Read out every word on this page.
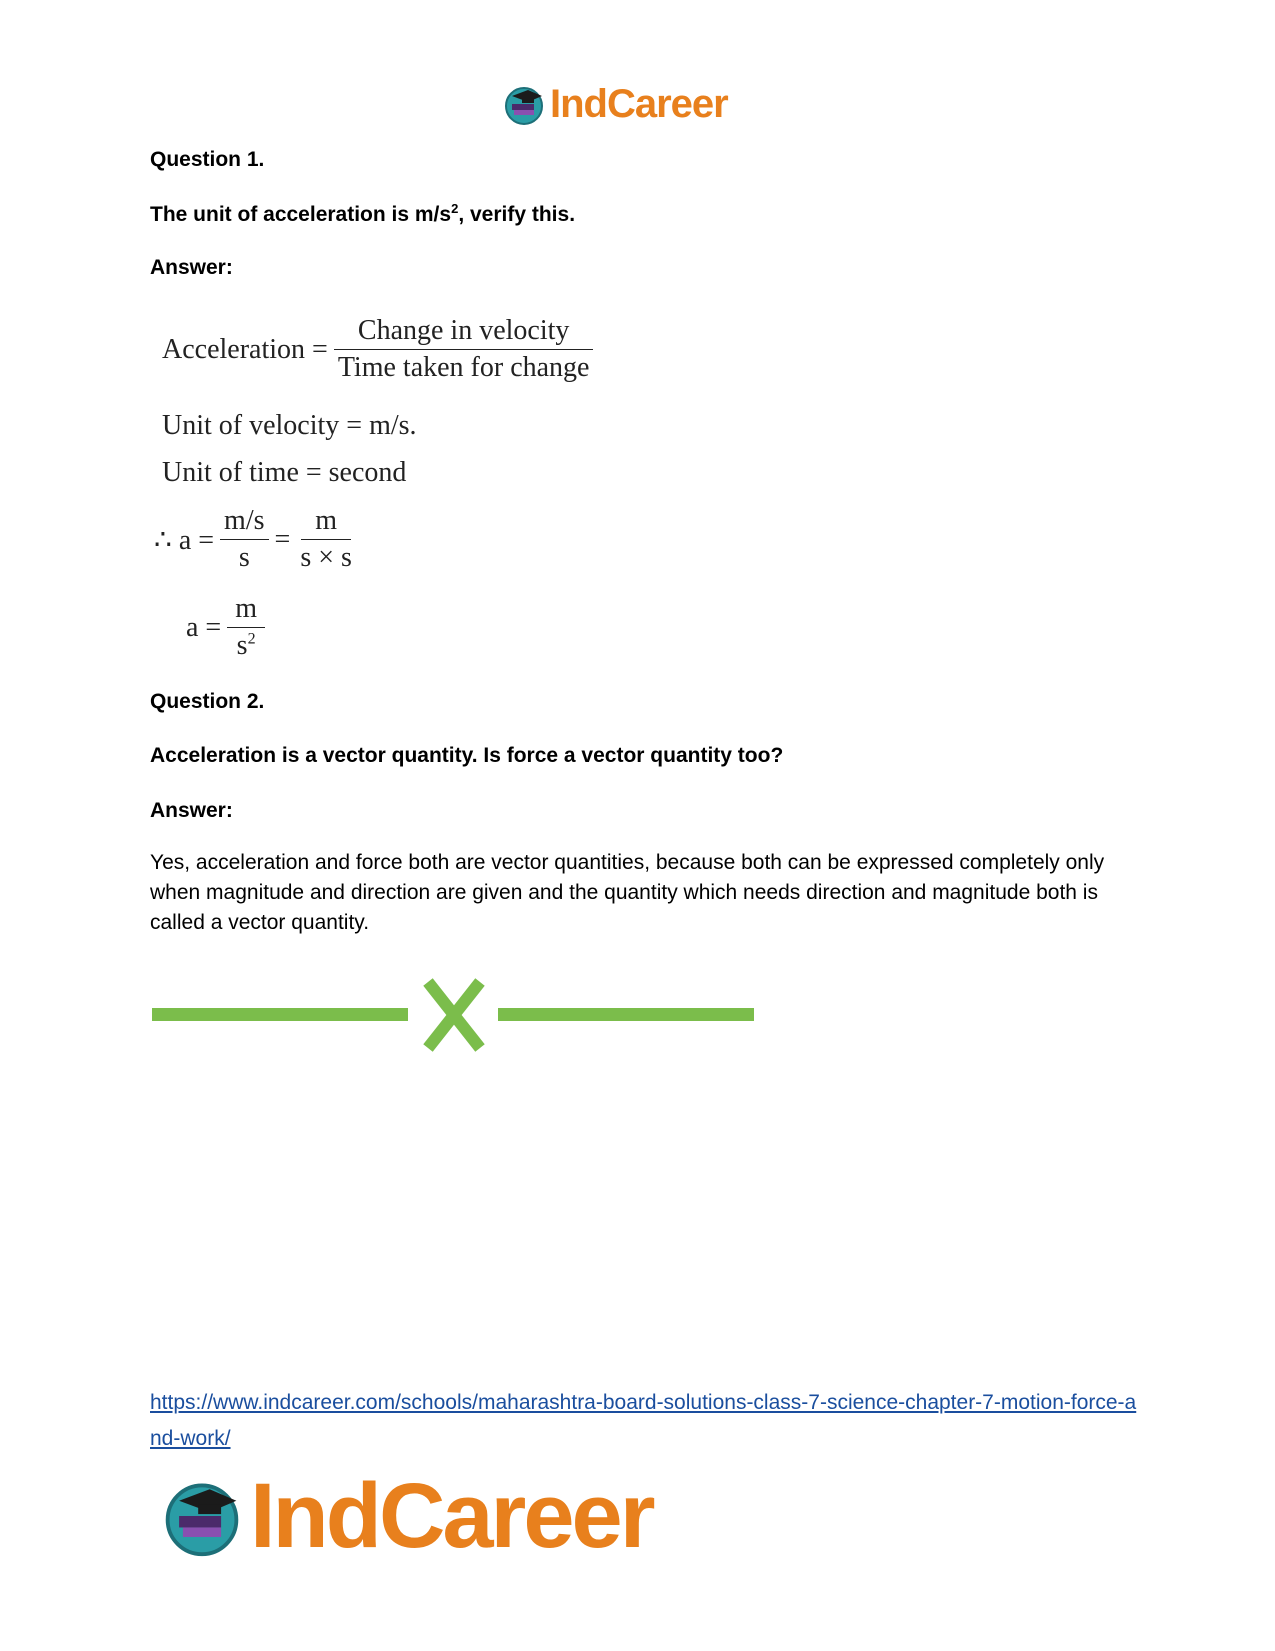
IndCareer
Question 1.
The unit of acceleration is $m/s^2$, verify this.
Answer:
Acceleration = $\frac{\text{Change in velocity}}{\text{Time taken for change}}$
Unit of velocity = m/s.
Unit of time = second
∴ $a = \frac{m/s}{s} = \frac{m}{s \times s}$
$a = \frac{m}{s^2}$
Question 2.
Acceleration is a vector quantity. Is force a vector quantity too?
Answer:
Yes, acceleration and force both are vector quantities, because both can be expressed completely only when magnitude and direction are given and the quantity which needs direction and magnitude both is called a vector quantity.
https://www.indcareer.com/schools/maharashtra-board-solutions-class-7-science-chapter-7-motion-force-and-work/
IndCareer
